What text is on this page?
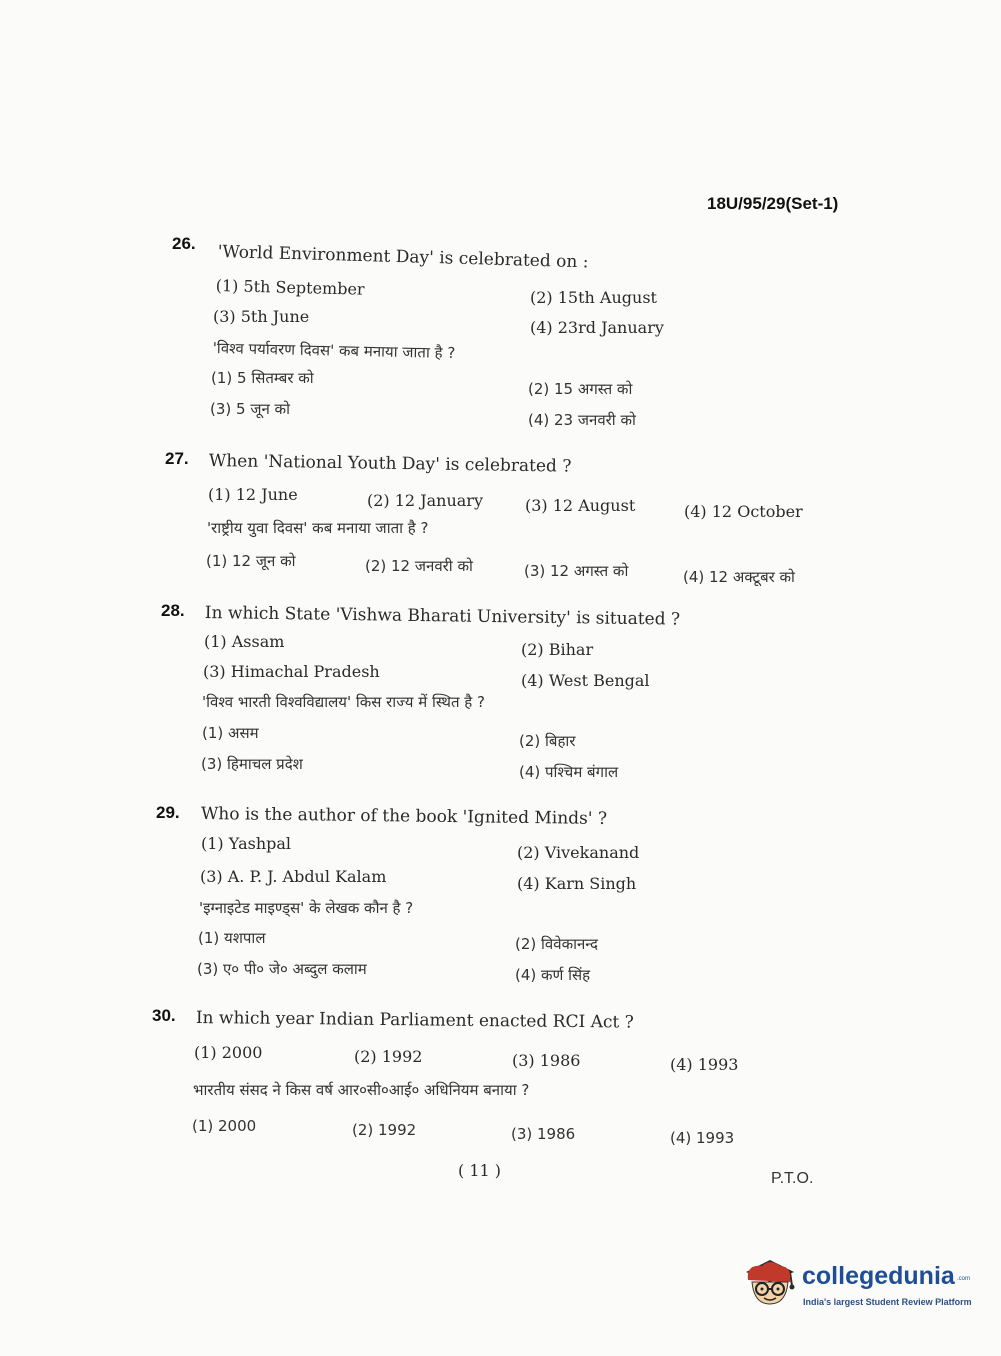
18U/95/29(Set-1)
26. 'World Environment Day' is celebrated on :
(1) 5th September	(2) 15th August
(3) 5th June
(4) 23rd January
'विश्व पर्यावरण दिवस' कब मनाया जाता है ?
(1) 5 सितम्बर को
(2) 15 अगस्त को
(3) 5 जून को
(4) 23 जनवरी को
27. When 'National Youth Day' is celebrated ?
(1) 12 June	(2) 12 January	(3) 12 August	(4) 12 October
'राष्ट्रीय युवा दिवस' कब मनाया जाता है ?
(1) 12 जून को	(2) 12 जनवरी को	(3) 12 अगस्त को	(4) 12 अक्टूबर को
28. In which State 'Vishwa Bharati University' is situated ?
(1) Assam	(2) Bihar
(3) Himachal Pradesh	(4) West Bengal
'विश्व भारती विश्वविद्यालय' किस राज्य में स्थित है ?
(1) असम	(2) बिहार
(3) हिमाचल प्रदेश	(4) पश्चिम बंगाल
29. Who is the author of the book 'Ignited Minds' ?
(1) Yashpal	(2) Vivekanand
(3) A. P. J. Abdul Kalam	(4) Karn Singh
'इग्नाइटेड माइण्ड्स' के लेखक कौन है ?
(1) यशपाल	(2) विवेकानन्द
(3) ए० पी० जे० अब्दुल कलाम	(4) कर्ण सिंह
30. In which year Indian Parliament enacted RCI Act ?
(1) 2000	(2) 1992	(3) 1986	(4) 1993
भारतीय संसद ने किस वर्ष आर०सी०आई० अधिनियम बनाया ?
(1) 2000	(2) 1992	(3) 1986	(4) 1993
( 11 )	P.T.O.
collegedunia .com
India's largest Student Review Platform
